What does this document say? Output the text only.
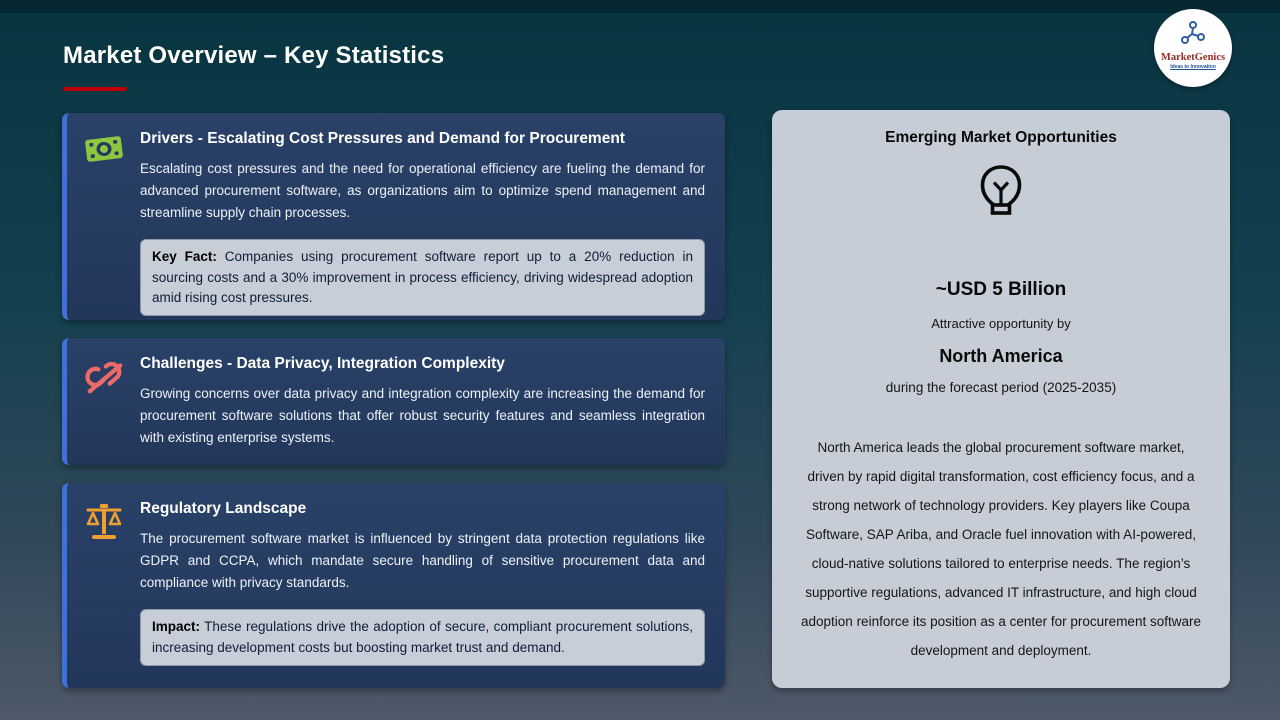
Market Overview – Key Statistics	MarketGenics
Ideas to Innovation
Drivers - Escalating Cost Pressures and Demand for Procurement

Escalating cost pressures and the need for operational efficiency are fueling the demand for advanced procurement software, as organizations aim to optimize spend management and streamline supply chain processes.

Key Fact: Companies using procurement software report up to a 20% reduction in sourcing costs and a 30% improvement in process efficiency, driving widespread adoption amid rising cost pressures.
Challenges - Data Privacy, Integration Complexity

Growing concerns over data privacy and integration complexity are increasing the demand for procurement software solutions that offer robust security features and seamless integration with existing enterprise systems.

Regulatory Landscape

The procurement software market is influenced by stringent data protection regulations like GDPR and CCPA, which mandate secure handling of sensitive procurement data and compliance with privacy standards.

Impact: These regulations drive the adoption of secure, compliant procurement solutions, increasing development costs but boosting market trust and demand.
Emerging Market Opportunities
~USD 5 Billion
Attractive opportunity by
North America
during the forecast period (2025-2035)
North America leads the global procurement software market, driven by rapid digital transformation, cost efficiency focus, and a strong network of technology providers. Key players like Coupa Software, SAP Ariba, and Oracle fuel innovation with AI-powered, cloud-native solutions tailored to enterprise needs. The region’s supportive regulations, advanced IT infrastructure, and high cloud adoption reinforce its position as a center for procurement software development and deployment.
